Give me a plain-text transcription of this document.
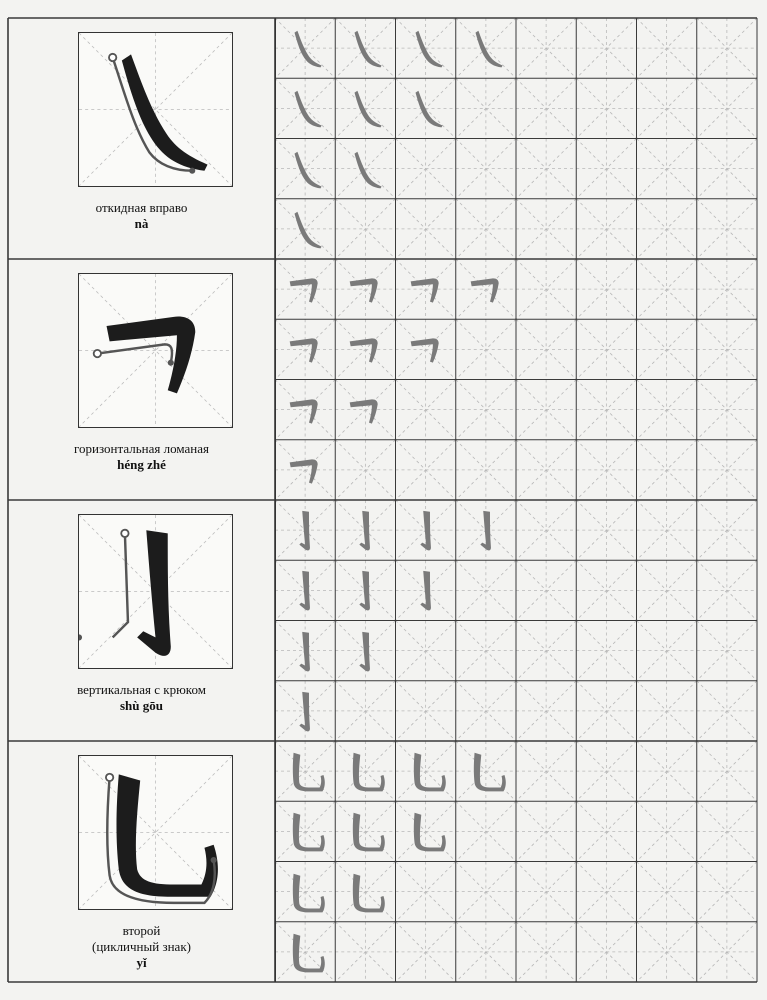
откидная вправо
nà
горизонтальная ломаная
héng zhé
вертикальная с крюком
shù gōu
второй
(цикличный знак)
yǐ
